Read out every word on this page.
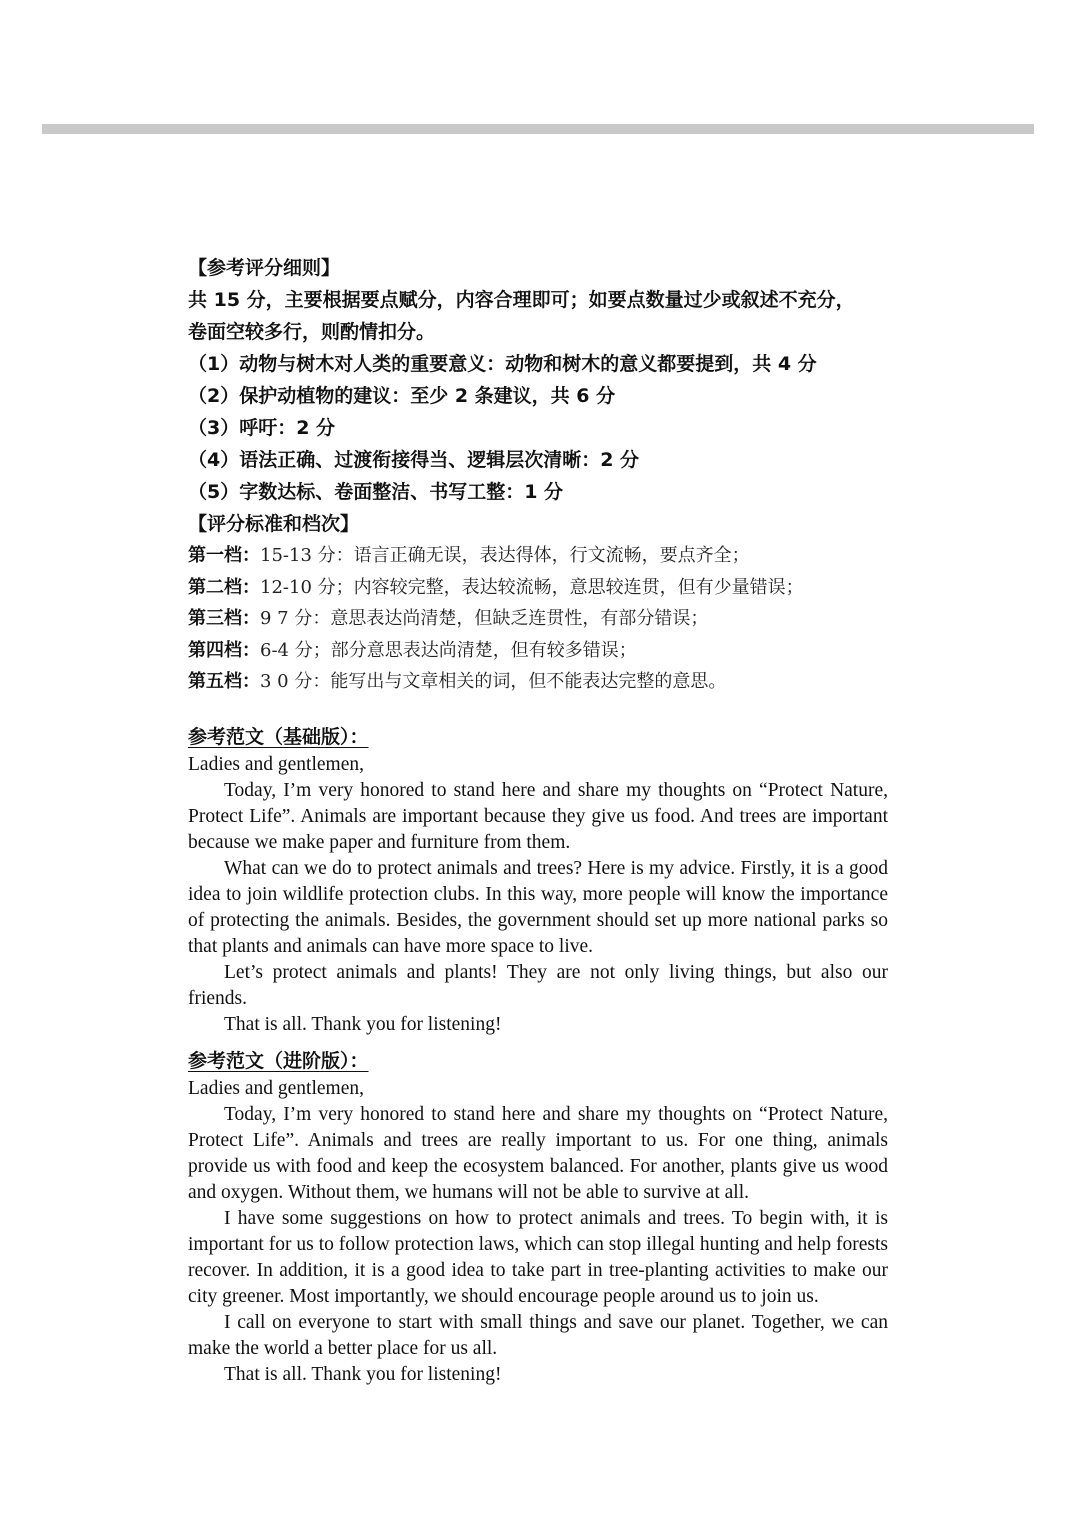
【参考评分细则】
共 15 分，主要根据要点赋分，内容合理即可；如要点数量过少或叙述不充分，
卷面空较多行，则酌情扣分。
（1）动物与树木对人类的重要意义：动物和树木的意义都要提到，共 4 分
（2）保护动植物的建议：至少 2 条建议，共 6 分
（3）呼吁：2 分
（4）语法正确、过渡衔接得当、逻辑层次清晰：2 分
（5）字数达标、卷面整洁、书写工整：1 分
【评分标准和档次】
第一档：15-13 分：语言正确无误，表达得体，行文流畅，要点齐全；
第二档：12-10 分；内容较完整，表达较流畅，意思较连贯，但有少量错误；
第三档：9 7 分：意思表达尚清楚，但缺乏连贯性，有部分错误；
第四档：6-4 分；部分意思表达尚清楚，但有较多错误；
第五档：3 0 分：能写出与文章相关的词，但不能表达完整的意思。
参考范文（基础版）：

Ladies and gentlemen,

Today, I’m very honored to stand here and share my thoughts on “Protect Nature, Protect Life”. Animals are important because they give us food. And trees are important because we make paper and furniture from them.

What can we do to protect animals and trees? Here is my advice. Firstly, it is a good idea to join wildlife protection clubs. In this way, more people will know the importance of protecting the animals. Besides, the government should set up more national parks so that plants and animals can have more space to live.

Let’s protect animals and plants! They are not only living things, but also our friends.

That is all. Thank you for listening!

参考范文（进阶版）：

Ladies and gentlemen,

Today, I’m very honored to stand here and share my thoughts on “Protect Nature, Protect Life”. Animals and trees are really important to us. For one thing, animals provide us with food and keep the ecosystem balanced. For another, plants give us wood and oxygen. Without them, we humans will not be able to survive at all.

I have some suggestions on how to protect animals and trees. To begin with, it is important for us to follow protection laws, which can stop illegal hunting and help forests recover. In addition, it is a good idea to take part in tree-planting activities to make our city greener. Most importantly, we should encourage people around us to join us.

I call on everyone to start with small things and save our planet. Together, we can make the world a better place for us all.

That is all. Thank you for listening!
